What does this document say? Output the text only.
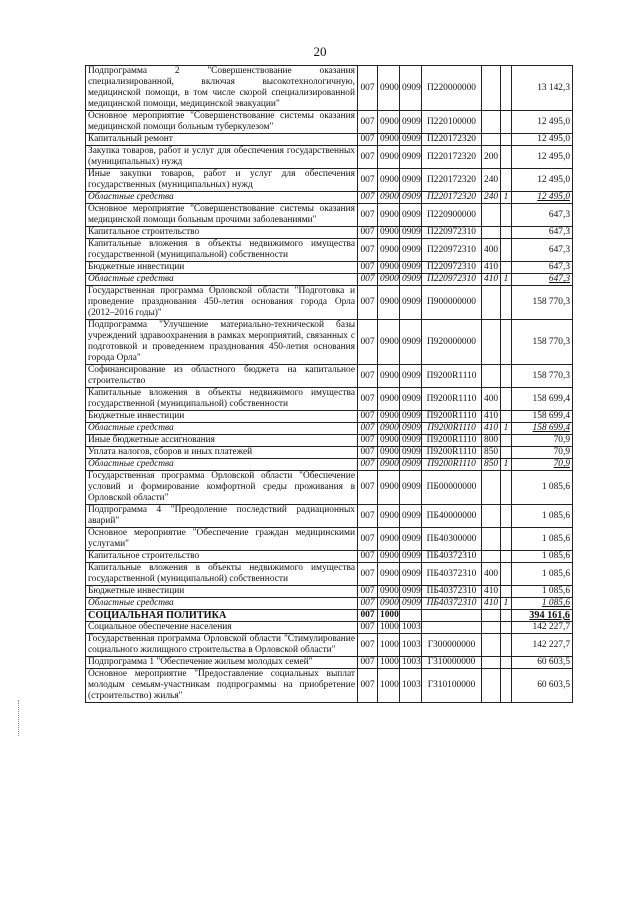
20
Подпрограмма 2 "Совершенствование оказания специализированной, включая высокотехнологичную, медицинской помощи, в том числе скорой специализированной медицинской помощи, медицинской эвакуации"	007	0900	0909	П220000000			13 142,3
Основное мероприятие "Совершенствование системы оказания медицинской помощи больным туберкулезом"	007	0900	0909	П220100000			12 495,0
Капитальный ремонт	007	0900	0909	П220172320			12 495,0
Закупка товаров, работ и услуг для обеспечения государственных (муниципальных) нужд	007	0900	0909	П220172320	200		12 495,0
Иные закупки товаров, работ и услуг для обеспечения государственных (муниципальных) нужд	007	0900	0909	П220172320	240		12 495,0
Областные средства	007	0900	0909	П220172320	240	1	12 495,0
Основное мероприятие "Совершенствование системы оказания медицинской помощи больным прочими заболеваниями"	007	0900	0909	П220900000			647,3
Капитальное строительство	007	0900	0909	П220972310			647,3
Капитальные вложения в объекты недвижимого имущества государственной (муниципальной) собственности	007	0900	0909	П220972310	400		647,3
Бюджетные инвестиции	007	0900	0909	П220972310	410		647,3
Областные средства	007	0900	0909	П220972310	410	1	647,3
Государственная программа Орловской области "Подготовка и проведение празднования 450-летия основания города Орла (2012–2016 годы)"	007	0900	0909	П900000000			158 770,3
Подпрограмма "Улучшение материально-технической базы учреждений здравоохранения в рамках мероприятий, связанных с подготовкой и проведением празднования 450-летия основания города Орла"	007	0900	0909	П920000000			158 770,3
Софинансирование из областного бюджета на капитальное строительство	007	0900	0909	П9200R1110			158 770,3
Капитальные вложения в объекты недвижимого имущества государственной (муниципальной) собственности	007	0900	0909	П9200R1110	400		158 699,4
Бюджетные инвестиции	007	0900	0909	П9200R1110	410		158 699,4
Областные средства	007	0900	0909	П9200R1110	410	1	158 699,4
Иные бюджетные ассигнования	007	0900	0909	П9200R1110	800		70,9
Уплата налогов, сборов и иных платежей	007	0900	0909	П9200R1110	850		70,9
Областные средства	007	0900	0909	П9200R1110	850	1	70,9
Государственная программа Орловской области "Обеспечение условий и формирование комфортной среды проживания в Орловской области"	007	0900	0909	ПБ00000000			1 085,6
Подпрограмма 4 "Преодоление последствий радиационных аварий"	007	0900	0909	ПБ40000000			1 085,6
Основное мероприятие "Обеспечение граждан медицинскими услугами"	007	0900	0909	ПБ40300000			1 085,6
Капитальное строительство	007	0900	0909	ПБ40372310			1 085,6
Капитальные вложения в объекты недвижимого имущества государственной (муниципальной) собственности	007	0900	0909	ПБ40372310	400		1 085,6
Бюджетные инвестиции	007	0900	0909	ПБ40372310	410		1 085,6
Областные средства	007	0900	0909	ПБ40372310	410	1	1 085,6
СОЦИАЛЬНАЯ ПОЛИТИКА	007	1000					394 161,6
Социальное обеспечение населения	007	1000	1003				142 227,7
Государственная программа Орловской области "Стимулирование социального жилищного строительства в Орловской области"	007	1000	1003	Г300000000			142 227,7
Подпрограмма 1 "Обеспечение жильем молодых семей"	007	1000	1003	Г310000000			60 603,5
Основное мероприятие "Предоставление социальных выплат молодым семьям-участникам подпрограммы на приобретение (строительство) жилья"	007	1000	1003	Г310100000			60 603,5
